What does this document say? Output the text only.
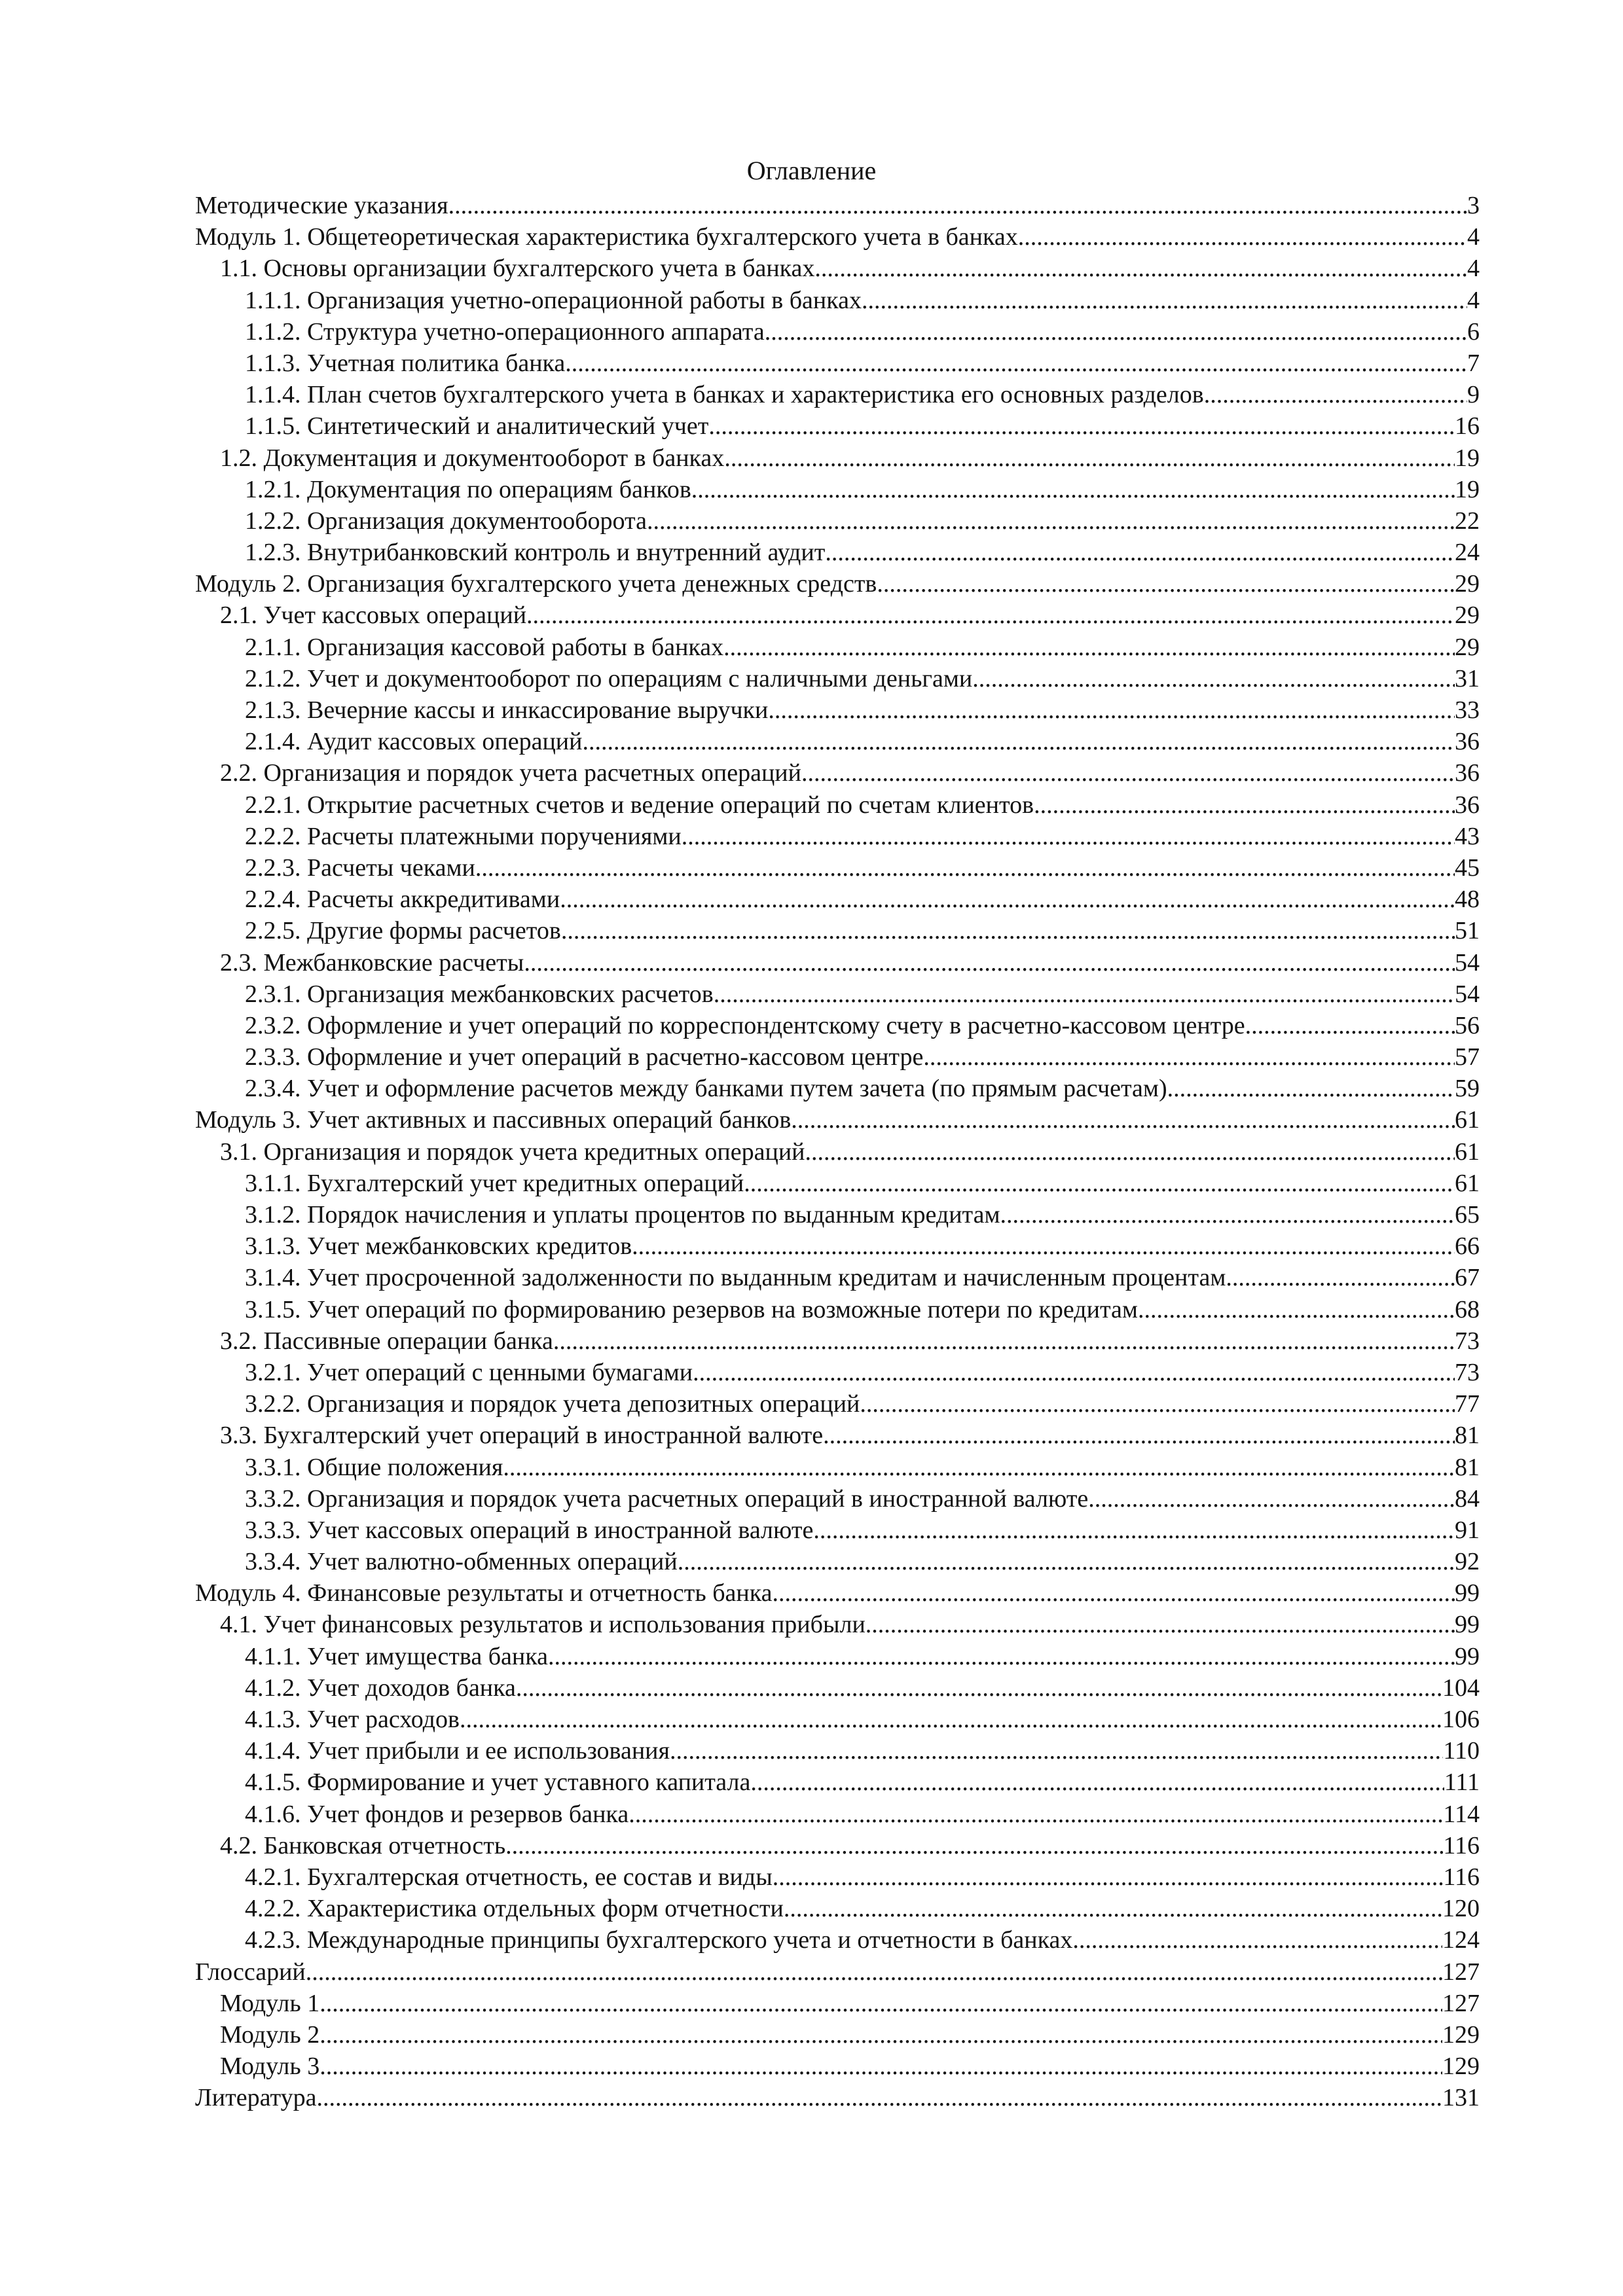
Оглавление
Методические указания .....	3
Модуль 1. Общетеоретическая характеристика бухгалтерского учета в банках .....	4
1.1. Основы организации бухгалтерского учета в банках .....	4
1.1.1. Организация учетно-операционной работы в банках .....	4
1.1.2. Структура учетно-операционного аппарата .....	6
1.1.3. Учетная политика банка .....	7
1.1.4. План счетов бухгалтерского учета в банках и характеристика его основных разделов .....	9
1.1.5. Синтетический и аналитический учет .....	16
1.2. Документация и документооборот в банках .....	19
1.2.1. Документация по операциям банков .....	19
1.2.2. Организация документооборота .....	22
1.2.3. Внутрибанковский контроль и внутренний аудит .....	24
Модуль 2. Организация бухгалтерского учета денежных средств .....	29
2.1. Учет кассовых операций .....	29
2.1.1. Организация кассовой работы в банках .....	29
2.1.2. Учет и документооборот по операциям с наличными деньгами .....	31
2.1.3. Вечерние кассы и инкассирование выручки .....	33
2.1.4. Аудит кассовых операций .....	36
2.2. Организация и порядок учета расчетных операций .....	36
2.2.1. Открытие расчетных счетов и ведение операций по счетам клиентов .....	36
2.2.2. Расчеты платежными поручениями .....	43
2.2.3. Расчеты чеками .....	45
2.2.4. Расчеты аккредитивами .....	48
2.2.5. Другие формы расчетов .....	51
2.3. Межбанковские расчеты .....	54
2.3.1. Организация межбанковских расчетов .....	54
2.3.2. Оформление и учет операций по корреспондентскому счету в расчетно-кассовом центре .....	56
2.3.3. Оформление и учет операций в расчетно-кассовом центре .....	57
2.3.4. Учет и оформление расчетов между банками путем зачета (по прямым расчетам) .....	59
Модуль 3. Учет активных и пассивных операций банков .....	61
3.1. Организация и порядок учета кредитных операций .....	61
3.1.1. Бухгалтерский учет кредитных операций .....	61
3.1.2. Порядок начисления и уплаты процентов по выданным кредитам .....	65
3.1.3. Учет межбанковских кредитов .....	66
3.1.4. Учет просроченной задолженности по выданным кредитам и начисленным процентам .....	67
3.1.5. Учет операций по формированию резервов на возможные потери по кредитам .....	68
3.2. Пассивные операции банка .....	73
3.2.1. Учет операций с ценными бумагами .....	73
3.2.2. Организация и порядок учета депозитных операций .....	77
3.3. Бухгалтерский учет операций в иностранной валюте .....	81
3.3.1. Общие положения .....	81
3.3.2. Организация и порядок учета расчетных операций в иностранной валюте .....	84
3.3.3. Учет кассовых операций в иностранной валюте .....	91
3.3.4. Учет валютно-обменных операций .....	92
Модуль 4. Финансовые результаты и отчетность банка .....	99
4.1. Учет финансовых результатов и использования прибыли .....	99
4.1.1. Учет имущества банка .....	99
4.1.2. Учет доходов банка .....	104
4.1.3. Учет расходов .....	106
4.1.4. Учет прибыли и ее использования .....	110
4.1.5. Формирование и учет уставного капитала .....	111
4.1.6. Учет фондов и резервов банка .....	114
4.2. Банковская отчетность .....	116
4.2.1. Бухгалтерская отчетность, ее состав и виды .....	116
4.2.2. Характеристика отдельных форм отчетности .....	120
4.2.3. Международные принципы бухгалтерского учета и отчетности в банках .....	124
Глоссарий .....	127
Модуль 1 .....	127
Модуль 2 .....	129
Модуль 3 .....	129
Литература .....	131
